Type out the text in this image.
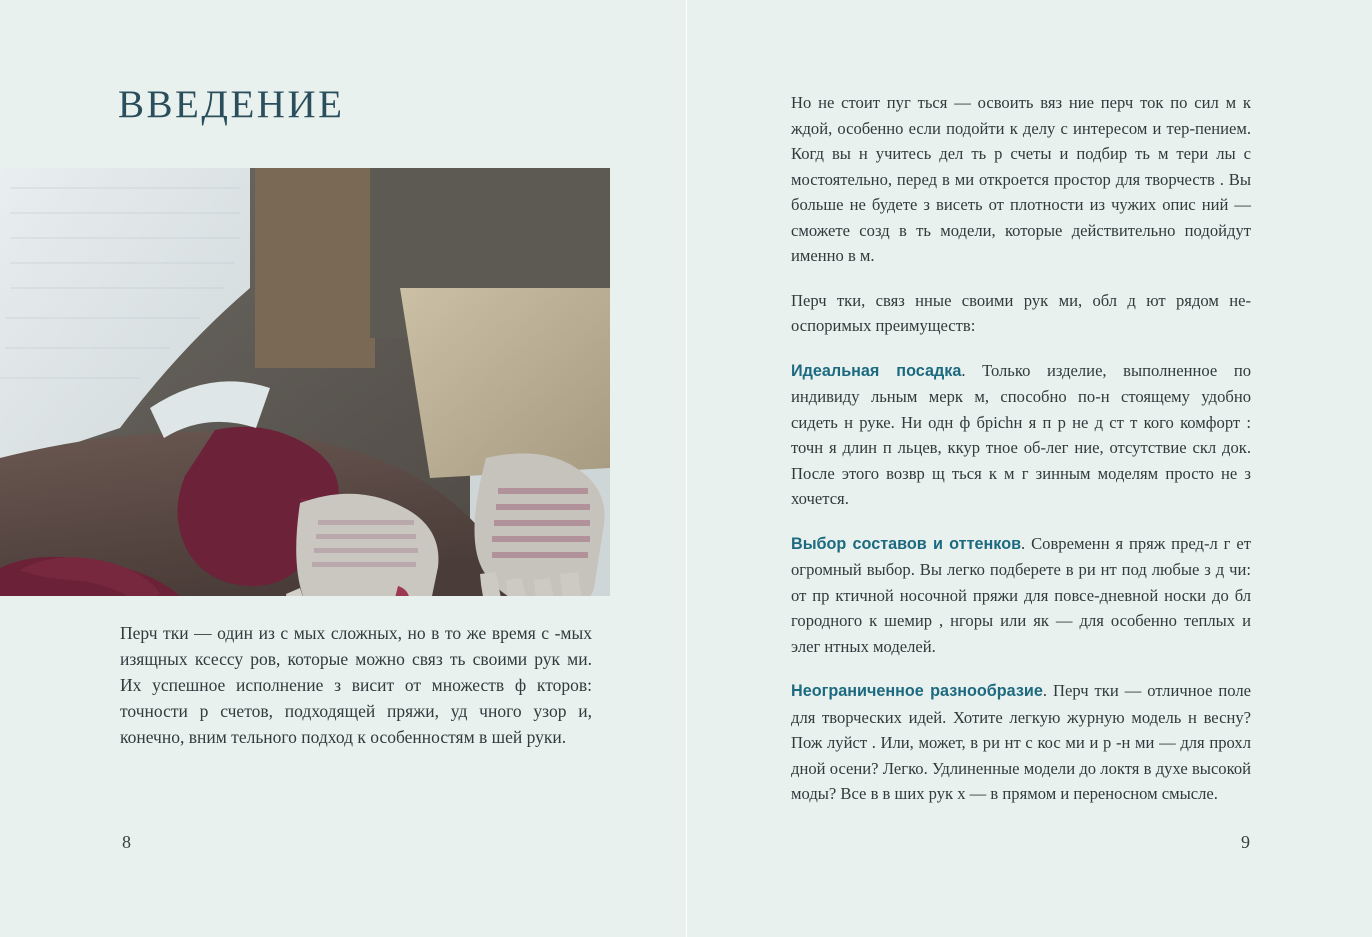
ВВЕДЕНИЕ
Перч тки — один из с мых сложных, но в то же время с -мых изящных ксессу ров, которые можно связ ть своими рук ми. Их успешное исполнение з висит от множеств ф кторов: точности р счетов, подходящей пряжи, уд чного узор и, конечно, вним тельного подход к особенностям в шей руки.
8

Но не стоит пуг ться — освоить вяз ние перч ток по сил м к ждой, особенно если подойти к делу с интересом и тер-пением. Когд вы н учитесь дел ть р счеты и подбир ть м тери лы с мостоятельно, перед в ми откроется простор для творчеств . Вы больше не будете з висеть от плотности из чужих опис ний — сможете созд в ть модели, которые действительно подойдут именно в м.

Перч тки, связ нные своими рук ми, обл д ют рядом не-оспоримых преимуществ:

Идеальная посадка. Только изделие, выполненное по индивиду льным мерк м, способно по-н стоящему удобно сидеть н руке. Ни одн ф брichн я п р не д ст т кого комфорт : точн я длин п льцев, ккур тное об-лег ние, отсутствие скл док. После этого возвр щ ться к м г зинным моделям просто не з хочется.

Выбор составов и оттенков. Современн я пряж пред-л г ет огромный выбор. Вы легко подберете в ри нт под любые з д чи: от пр ктичной носочной пряжи для повсе-дневной носки до бл городного к шемир , нгоры или як — для особенно теплых и элег нтных моделей.

Неограниченное разнообразие. Перч тки — отличное поле для творческих идей. Хотите легкую журную модель н весну? Пож луйст . Или, может, в ри нт с кос ми и р -н ми — для прохл дной осени? Легко. Удлиненные модели до локтя в духе высокой моды? Все в в ших рук х — в прямом и переносном смысле.

9
